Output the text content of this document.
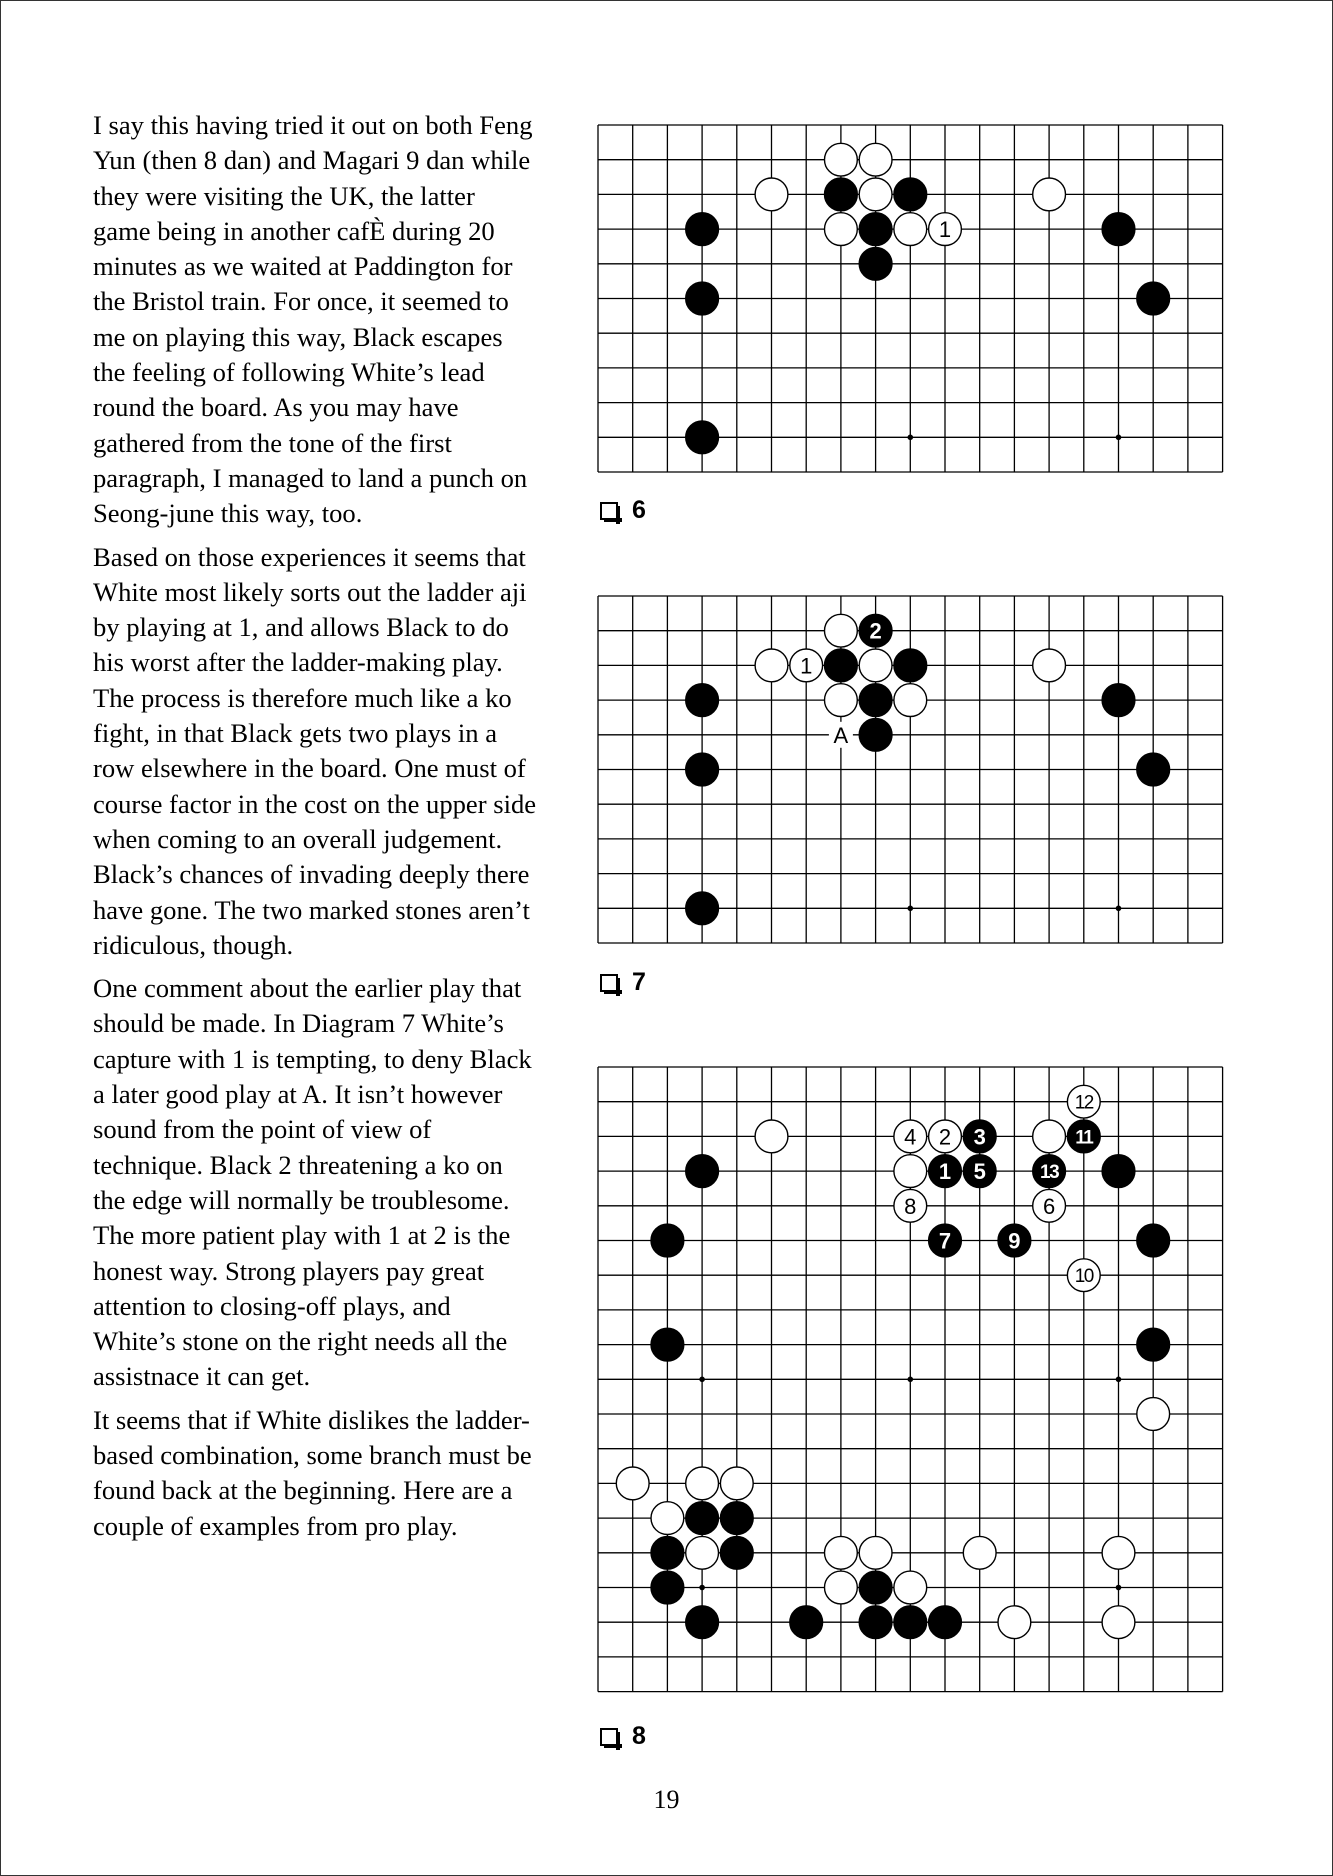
I say this having tried it out on both Feng Yun (then 8 dan) and Magari 9 dan while they were visiting the UK, the latter game being in another cafÈ during 20 minutes as we waited at Paddington for the Bristol train. For once, it seemed to me on playing this way, Black escapes the feeling of following White’s lead round the board. As you may have gathered from the tone of the first paragraph, I managed to land a punch on Seong-june this way, too.

Based on those experiences it seems that White most likely sorts out the ladder aji by playing at 1, and allows Black to do his worst after the ladder-making play. The process is therefore much like a ko fight, in that Black gets two plays in a row elsewhere in the board. One must of course factor in the cost on the upper side when coming to an overall judgement. Black’s chances of invading deeply there have gone. The two marked stones aren’t ridiculous, though.

One comment about the earlier play that should be made. In Diagram 7 White’s capture with 1 is tempting, to deny Black a later good play at A. It isn’t however sound from the point of view of technique. Black 2 threatening a ko on the edge will normally be troublesome. The more patient play with 1 at 2 is the honest way. Strong players pay great attention to closing-off plays, and White’s stone on the right needs all the assistnace it can get.

It seems that if White dislikes the ladder-based combination, some branch must be found back at the beginning. Here are a couple of examples from pro play.

1
6
A
2
1
7
12
4 2 3	11
1 5	13
8	6
7	9
10
8
19
